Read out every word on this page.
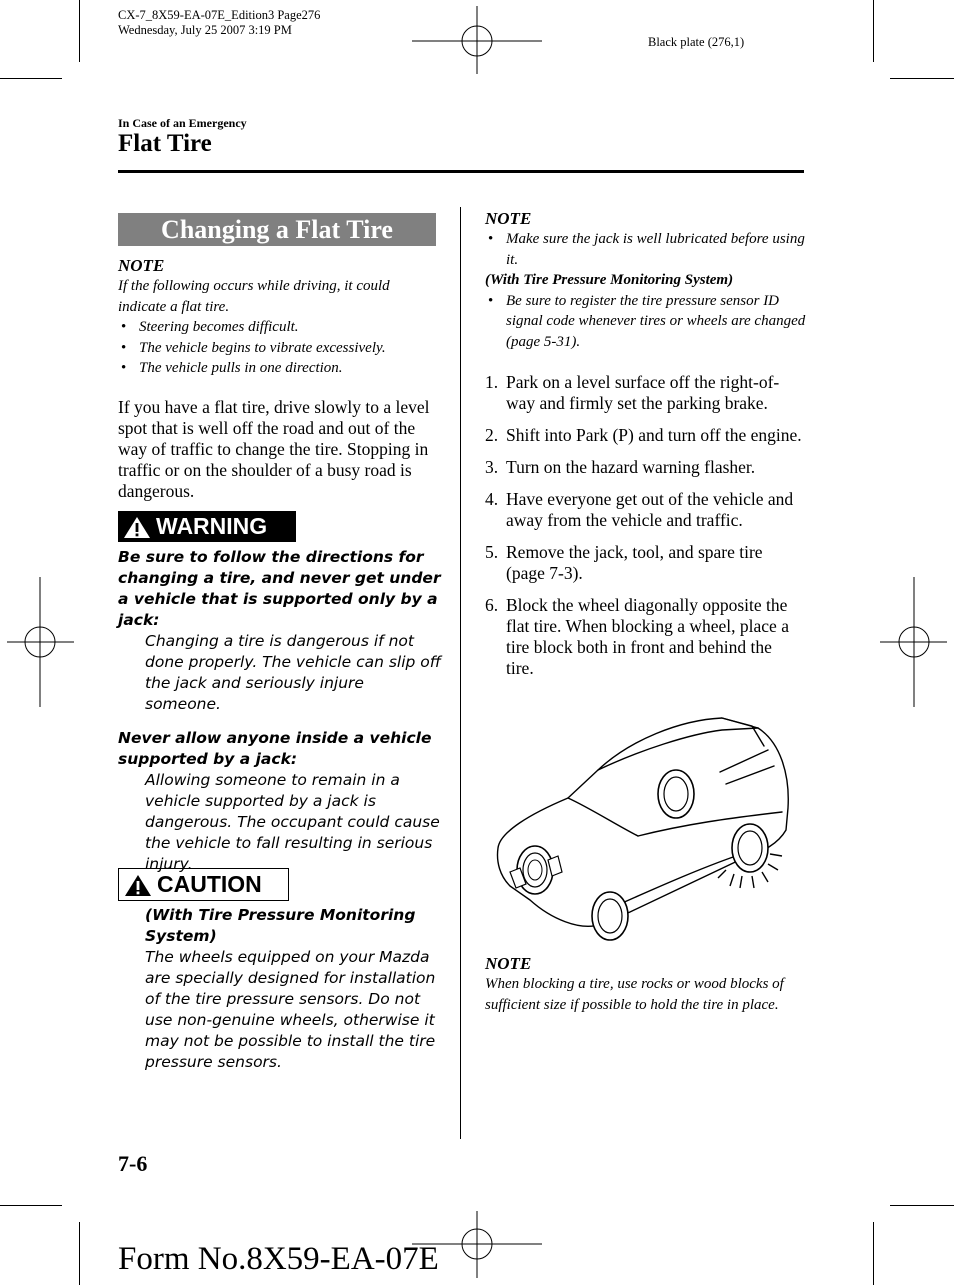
CX-7_8X59-EA-07E_Edition3 Page276
Wednesday, July 25 2007 3:19 PM
Black plate (276,1)
In Case of an Emergency
Flat Tire
Changing a Flat Tire
NOTE
If the following occurs while driving, it could indicate a flat tire.
• Steering becomes difficult.
• The vehicle begins to vibrate excessively.
• The vehicle pulls in one direction.
If you have a flat tire, drive slowly to a level spot that is well off the road and out of the way of traffic to change the tire. Stopping in traffic or on the shoulder of a busy road is dangerous.
WARNING
Be sure to follow the directions for changing a tire, and never get under a vehicle that is supported only by a jack:
Changing a tire is dangerous if not done properly. The vehicle can slip off the jack and seriously injure someone.
Never allow anyone inside a vehicle supported by a jack:
Allowing someone to remain in a vehicle supported by a jack is dangerous. The occupant could cause the vehicle to fall resulting in serious injury.
CAUTION
(With Tire Pressure Monitoring System)
The wheels equipped on your Mazda are specially designed for installation of the tire pressure sensors. Do not use non-genuine wheels, otherwise it may not be possible to install the tire pressure sensors.
NOTE
• Make sure the jack is well lubricated before using it.
(With Tire Pressure Monitoring System)
• Be sure to register the tire pressure sensor ID signal code whenever tires or wheels are changed (page 5-31).
1. Park on a level surface off the right-of-way and firmly set the parking brake.
2. Shift into Park (P) and turn off the engine.
3. Turn on the hazard warning flasher.
4. Have everyone get out of the vehicle and away from the vehicle and traffic.
5. Remove the jack, tool, and spare tire (page 7-3).
6. Block the wheel diagonally opposite the flat tire. When blocking a wheel, place a tire block both in front and behind the tire.
NOTE
When blocking a tire, use rocks or wood blocks of sufficient size if possible to hold the tire in place.
7-6
Form No.8X59-EA-07E
